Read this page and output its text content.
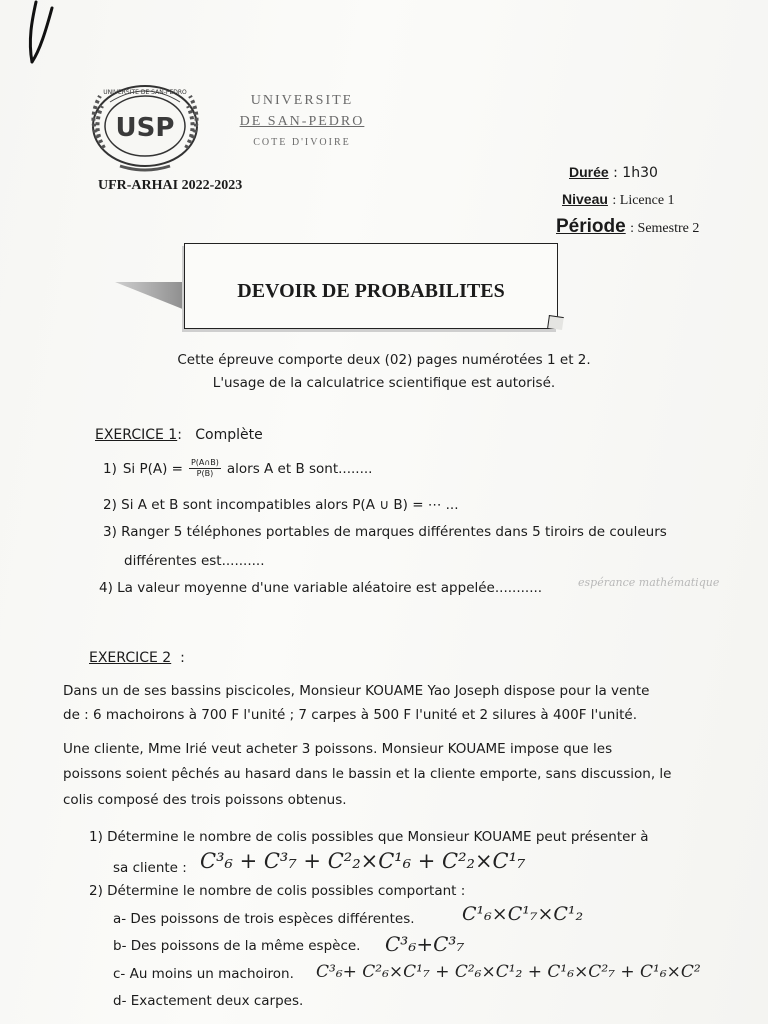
USP
UNIVERSITE DE SAN-PEDRO
UNIVERSITE
DE SAN-PEDRO
COTE D'IVOIRE
UFR-ARHAI 2022-2023
Durée : 1h30
Niveau : Licence 1
Période : Semestre 2
DEVOIR DE PROBABILITES
Cette épreuve comporte deux (02) pages numérotées 1 et 2.
L'usage de la calculatrice scientifique est autorisé.
EXERCICE 1:   Complète
1) Si $P(A) = \frac{P(A\cap B)}{P(B)}$ alors A et B sont........
2) Si A et B sont incompatibles alors P(A ∪ B) = ⋯ ...
3) Ranger 5 téléphones portables de marques différentes dans 5 tiroirs de couleurs
différentes est..........
4) La valeur moyenne d'une variable aléatoire est appelée...........	espérance mathématique
EXERCICE 2 :
Dans un de ses bassins piscicoles, Monsieur KOUAME Yao Joseph dispose pour la vente
de : 6 machoirons à 700 F l'unité ; 7 carpes à 500 F l'unité et 2 silures à 400F l'unité.
Une cliente, Mme Irié veut acheter 3 poissons. Monsieur KOUAME impose que les
poissons soient pêchés au hasard dans le bassin et la cliente emporte, sans discussion, le
colis composé des trois poissons obtenus.
1) Détermine le nombre de colis possibles que Monsieur KOUAME peut présenter à
sa cliente : C³₆ + C³₇ + C²₂×C¹₆ + C²₂×C¹₇
2) Détermine le nombre de colis possibles comportant :
a- Des poissons de trois espèces différentes. C¹₆×C¹₇×C¹₂
b- Des poissons de la même espèce. C³₆+C³₇
c- Au moins un machoiron. C³₆+ C²₆×C¹₇ + C²₆×C¹₂ + C¹₆×C²₇ + C¹₆×C²
d- Exactement deux carpes.
